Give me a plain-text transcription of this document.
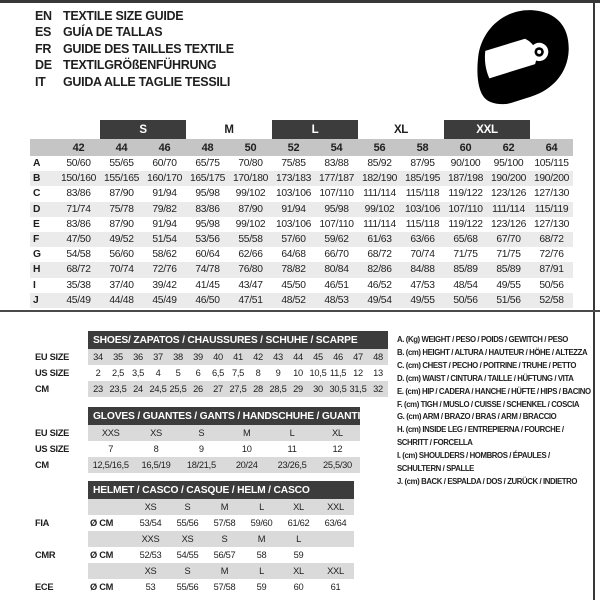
EN TEXTILE SIZE GUIDE
ES GUÍA DE TALLAS
FR GUIDE DES TAILLES TEXTILE
DE TEXTILGRÖßENFÜHRUNG
IT	GUIDA ALLE TAGLIE TESSILI
		S		M		L		XL		XXL		
	42	44	46	48	50	52	54	56	58	60	62	64
A	50/60	55/65	60/70	65/75	70/80	75/85	83/88	85/92	87/95	90/100	95/100	105/115
B	150/160	155/165	160/170	165/175	170/180	173/183	177/187	182/190	185/195	187/198	190/200	190/200
C	83/86	87/90	91/94	95/98	99/102	103/106	107/110	111/114	115/118	119/122	123/126	127/130
D	71/74	75/78	79/82	83/86	87/90	91/94	95/98	99/102	103/106	107/110	111/114	115/119
E	83/86	87/90	91/94	95/98	99/102	103/106	107/110	111/114	115/118	119/122	123/126	127/130
F	47/50	49/52	51/54	53/56	55/58	57/60	59/62	61/63	63/66	65/68	67/70	68/72
G	54/58	56/60	58/62	60/64	62/66	64/68	66/70	68/72	70/74	71/75	71/75	72/76
H	68/72	70/74	72/76	74/78	76/80	78/82	80/84	82/86	84/88	85/89	85/89	87/91
I	35/38	37/40	39/42	41/45	43/47	45/50	46/51	46/52	47/53	48/54	49/55	50/56
J	45/49	44/48	45/49	46/50	47/51	48/52	48/53	49/54	49/55	50/56	51/56	52/58
	SHOES/ ZAPATOS / CHAUSSURES / SCHUHE / SCARPE														
EU SIZE	34	35	36	37	38	39	40	41	42	43	44	45	46	47	48
US SIZE	2	2,5	3,5	4	5	6	6,5	7,5	8	9	10	10,5	11,5	12	13
CM	23	23,5	24	24,5	25,5	26	27	27,5	28	28,5	29	30	30,5	31,5	32
	GLOVES / GUANTES / GANTS / HANDSCHUHE / GUANTI					
EU SIZE	XXS	XS	S	M	L	XL
US SIZE	7	8	9	10	11	12
CM	12,5/16,5	16,5/19	18/21,5	20/24	23/26,5	25,5/30
	HELMET / CASCO / CASQUE / HELM / CASCO						
		XS	S	M	L	XL	XXL
FIA	Ø CM	53/54	55/56	57/58	59/60	61/62	63/64
		XXS	XS	S	M	L	
CMR	Ø CM	52/53	54/55	56/57	58	59	
		XS	S	M	L	XL	XXL
ECE	Ø CM	53	55/56	57/58	59	60	61
A. (Kg) WEIGHT / PESO / POIDS / GEWITCH / PESO
B. (cm) HEIGHT / ALTURA / HAUTEUR / HÖHE / ALTEZZA
C. (cm) CHEST / PECHO / POITRINE / TRUHE / PETTO
D. (cm) WAIST / CINTURA / TAILLE / HÜFTUNG / VITA
E. (cm) HIP / CADERA / HANCHE / HÜFTE / HIPS / BACINO
F. (cm) TIGH / MUSLO / CUISSE / SCHENKEL / COSCIA
G. (cm) ARM / BRAZO / BRAS / ARM / BRACCIO
H. (cm) INSIDE LEG / ENTREPIERNA / FOURCHE / SCHRITT / FORCELLA
I. (cm) SHOULDERS / HOMBROS / ÉPAULES / SCHULTERN / SPALLE
J. (cm) BACK / ESPALDA / DOS / ZURÜCK / INDIETRO
